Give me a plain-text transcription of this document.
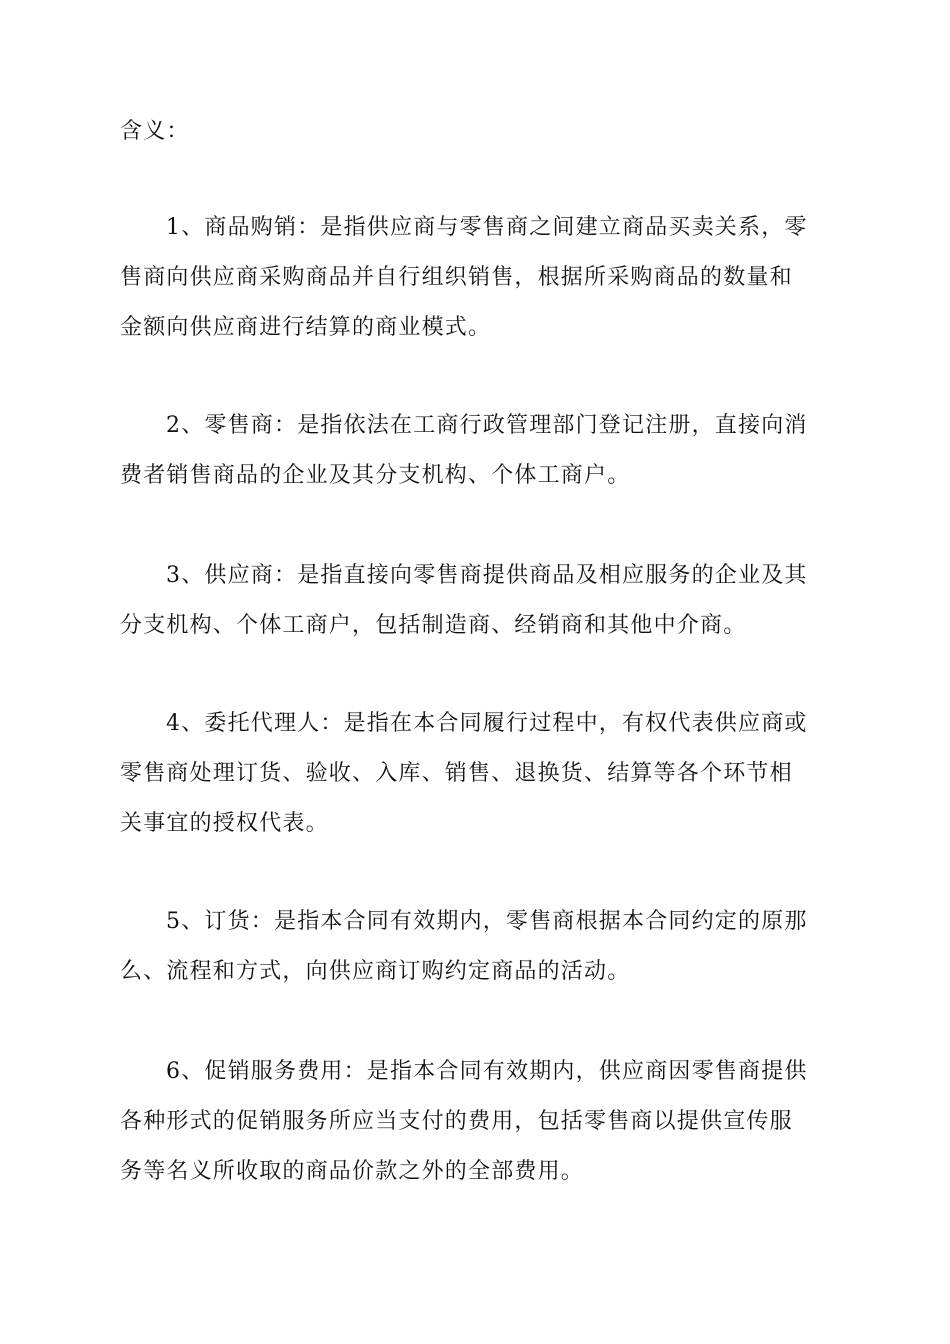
含义：
1、商品购销：是指供应商与零售商之间建立商品买卖关系，零
售商向供应商采购商品并自行组织销售，根据所采购商品的数量和
金额向供应商进行结算的商业模式。
2、零售商：是指依法在工商行政管理部门登记注册，直接向消
费者销售商品的企业及其分支机构、个体工商户。
3、供应商：是指直接向零售商提供商品及相应服务的企业及其
分支机构、个体工商户，包括制造商、经销商和其他中介商。
4、委托代理人：是指在本合同履行过程中，有权代表供应商或
零售商处理订货、验收、入库、销售、退换货、结算等各个环节相
关事宜的授权代表。
5、订货：是指本合同有效期内，零售商根据本合同约定的原那
么、流程和方式，向供应商订购约定商品的活动。
6、促销服务费用：是指本合同有效期内，供应商因零售商提供
各种形式的促销服务所应当支付的费用，包括零售商以提供宣传服
务等名义所收取的商品价款之外的全部费用。
